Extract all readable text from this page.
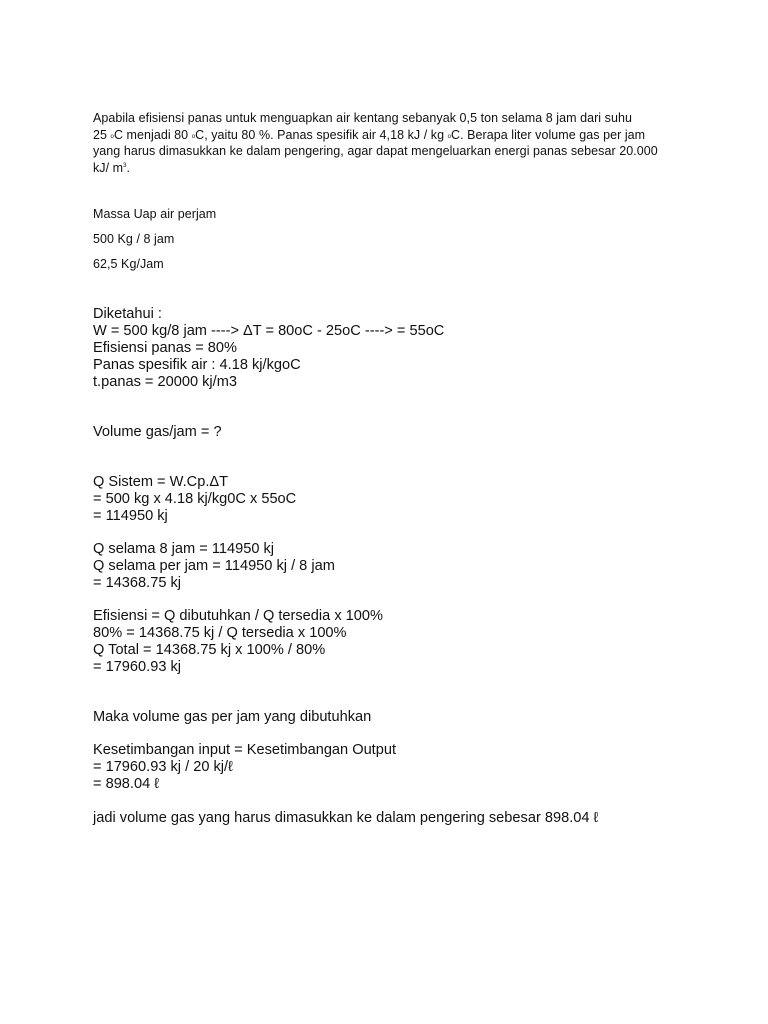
Apabila efisiensi panas untuk menguapkan air kentang sebanyak 0,5 ton selama 8 jam dari suhu
25 oC menjadi 80 oC, yaitu 80 %. Panas spesifik air 4,18 kJ / kg oC. Berapa liter volume gas per jam
yang harus dimasukkan ke dalam pengering, agar dapat mengeluarkan energi panas sebesar 20.000
kJ/ $m^3$.
Massa Uap air perjam
500 Kg / 8 jam
62,5 Kg/Jam
Diketahui :
W = 500 kg/8 jam ----> ΔT = 80oC - 25oC ----> = 55oC
Efisiensi panas = 80%
Panas spesifik air : 4.18 kj/kgoC
t.panas = 20000 kj/m3
Volume gas/jam = ?
Q Sistem = W.Cp.ΔT
= 500 kg x 4.18 kj/kg0C x 55oC
= 114950 kj
Q selama 8 jam = 114950 kj
Q selama per jam = 114950 kj / 8 jam
= 14368.75 kj
Efisiensi = Q dibutuhkan / Q tersedia x 100%
80% = 14368.75 kj / Q tersedia x 100%
Q Total = 14368.75 kj x 100% / 80%
= 17960.93 kj
Maka volume gas per jam yang dibutuhkan
Kesetimbangan input = Kesetimbangan Output
= 17960.93 kj / 20 kj/ℓ
= 898.04 ℓ
jadi volume gas yang harus dimasukkan ke dalam pengering sebesar 898.04 ℓ
